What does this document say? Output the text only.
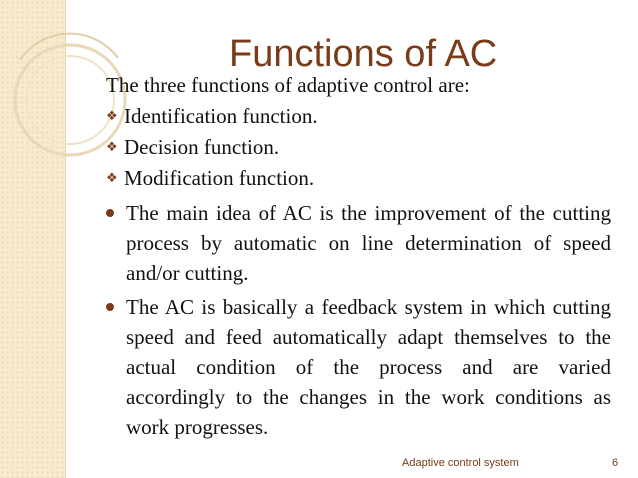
Functions of AC

The three functions of adaptive control are:

❖ Identification function.
❖ Decision function.
❖ Modification function.
The main idea of AC is the improvement of the cutting process by automatic on line determination of speed and/or cutting.
The AC is basically a feedback system in which cutting speed and feed automatically adapt themselves to the actual condition of the process and are varied accordingly to the changes in the work conditions as work progresses.
Adaptive control system	6
